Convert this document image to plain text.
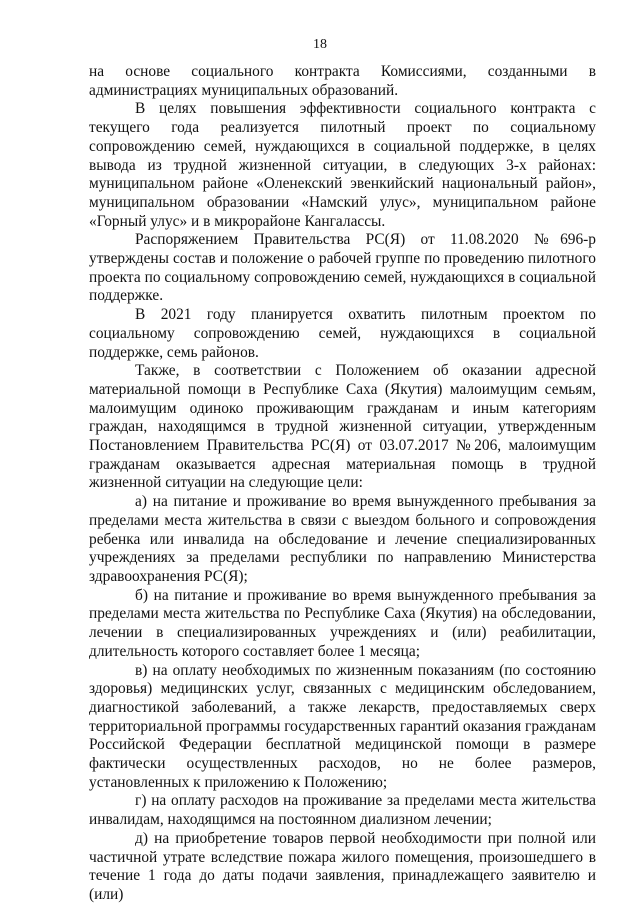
18

на основе социального контракта Комиссиями, созданными в администрациях муниципальных образований.

В целях повышения эффективности социального контракта с текущего года реализуется пилотный проект по социальному сопровождению семей, нуждающихся в социальной поддержке, в целях вывода из трудной жизненной ситуации, в следующих 3-х районах: муниципальном районе «Оленекский эвенкийский национальный район», муниципальном образовании «Намский улус», муниципальном районе «Горный улус» и в микрорайоне Кангалассы.

Распоряжением Правительства РС(Я) от 11.08.2020 №696-р утверждены состав и положение о рабочей группе по проведению пилотного проекта по социальному сопровождению семей, нуждающихся в социальной поддержке.

В 2021 году планируется охватить пилотным проектом по социальному сопровождению семей, нуждающихся в социальной поддержке, семь районов.

Также, в соответствии с Положением об оказании адресной материальной помощи в Республике Саха (Якутия) малоимущим семьям, малоимущим одиноко проживающим гражданам и иным категориям граждан, находящимся в трудной жизненной ситуации, утвержденным Постановлением Правительства РС(Я) от 03.07.2017 №206, малоимущим гражданам оказывается адресная материальная помощь в трудной жизненной ситуации на следующие цели:

а) на питание и проживание во время вынужденного пребывания за пределами места жительства в связи с выездом больного и сопровождения ребенка или инвалида на обследование и лечение специализированных учреждениях за пределами республики по направлению Министерства здравоохранения РС(Я);

б) на питание и проживание во время вынужденного пребывания за пределами места жительства по Республике Саха (Якутия) на обследовании, лечении в специализированных учреждениях и (или) реабилитации, длительность которого составляет более 1 месяца;

в) на оплату необходимых по жизненным показаниям (по состоянию здоровья) медицинских услуг, связанных с медицинским обследованием, диагностикой заболеваний, а также лекарств, предоставляемых сверх территориальной программы государственных гарантий оказания гражданам Российской Федерации бесплатной медицинской помощи в размере фактически осуществленных расходов, но не более размеров, установленных к приложению к Положению;

г) на оплату расходов на проживание за пределами места жительства инвалидам, находящимся на постоянном диализном лечении;

д) на приобретение товаров первой необходимости при полной или частичной утрате вследствие пожара жилого помещения, произошедшего в течение 1 года до даты подачи заявления, принадлежащего заявителю и (или)
